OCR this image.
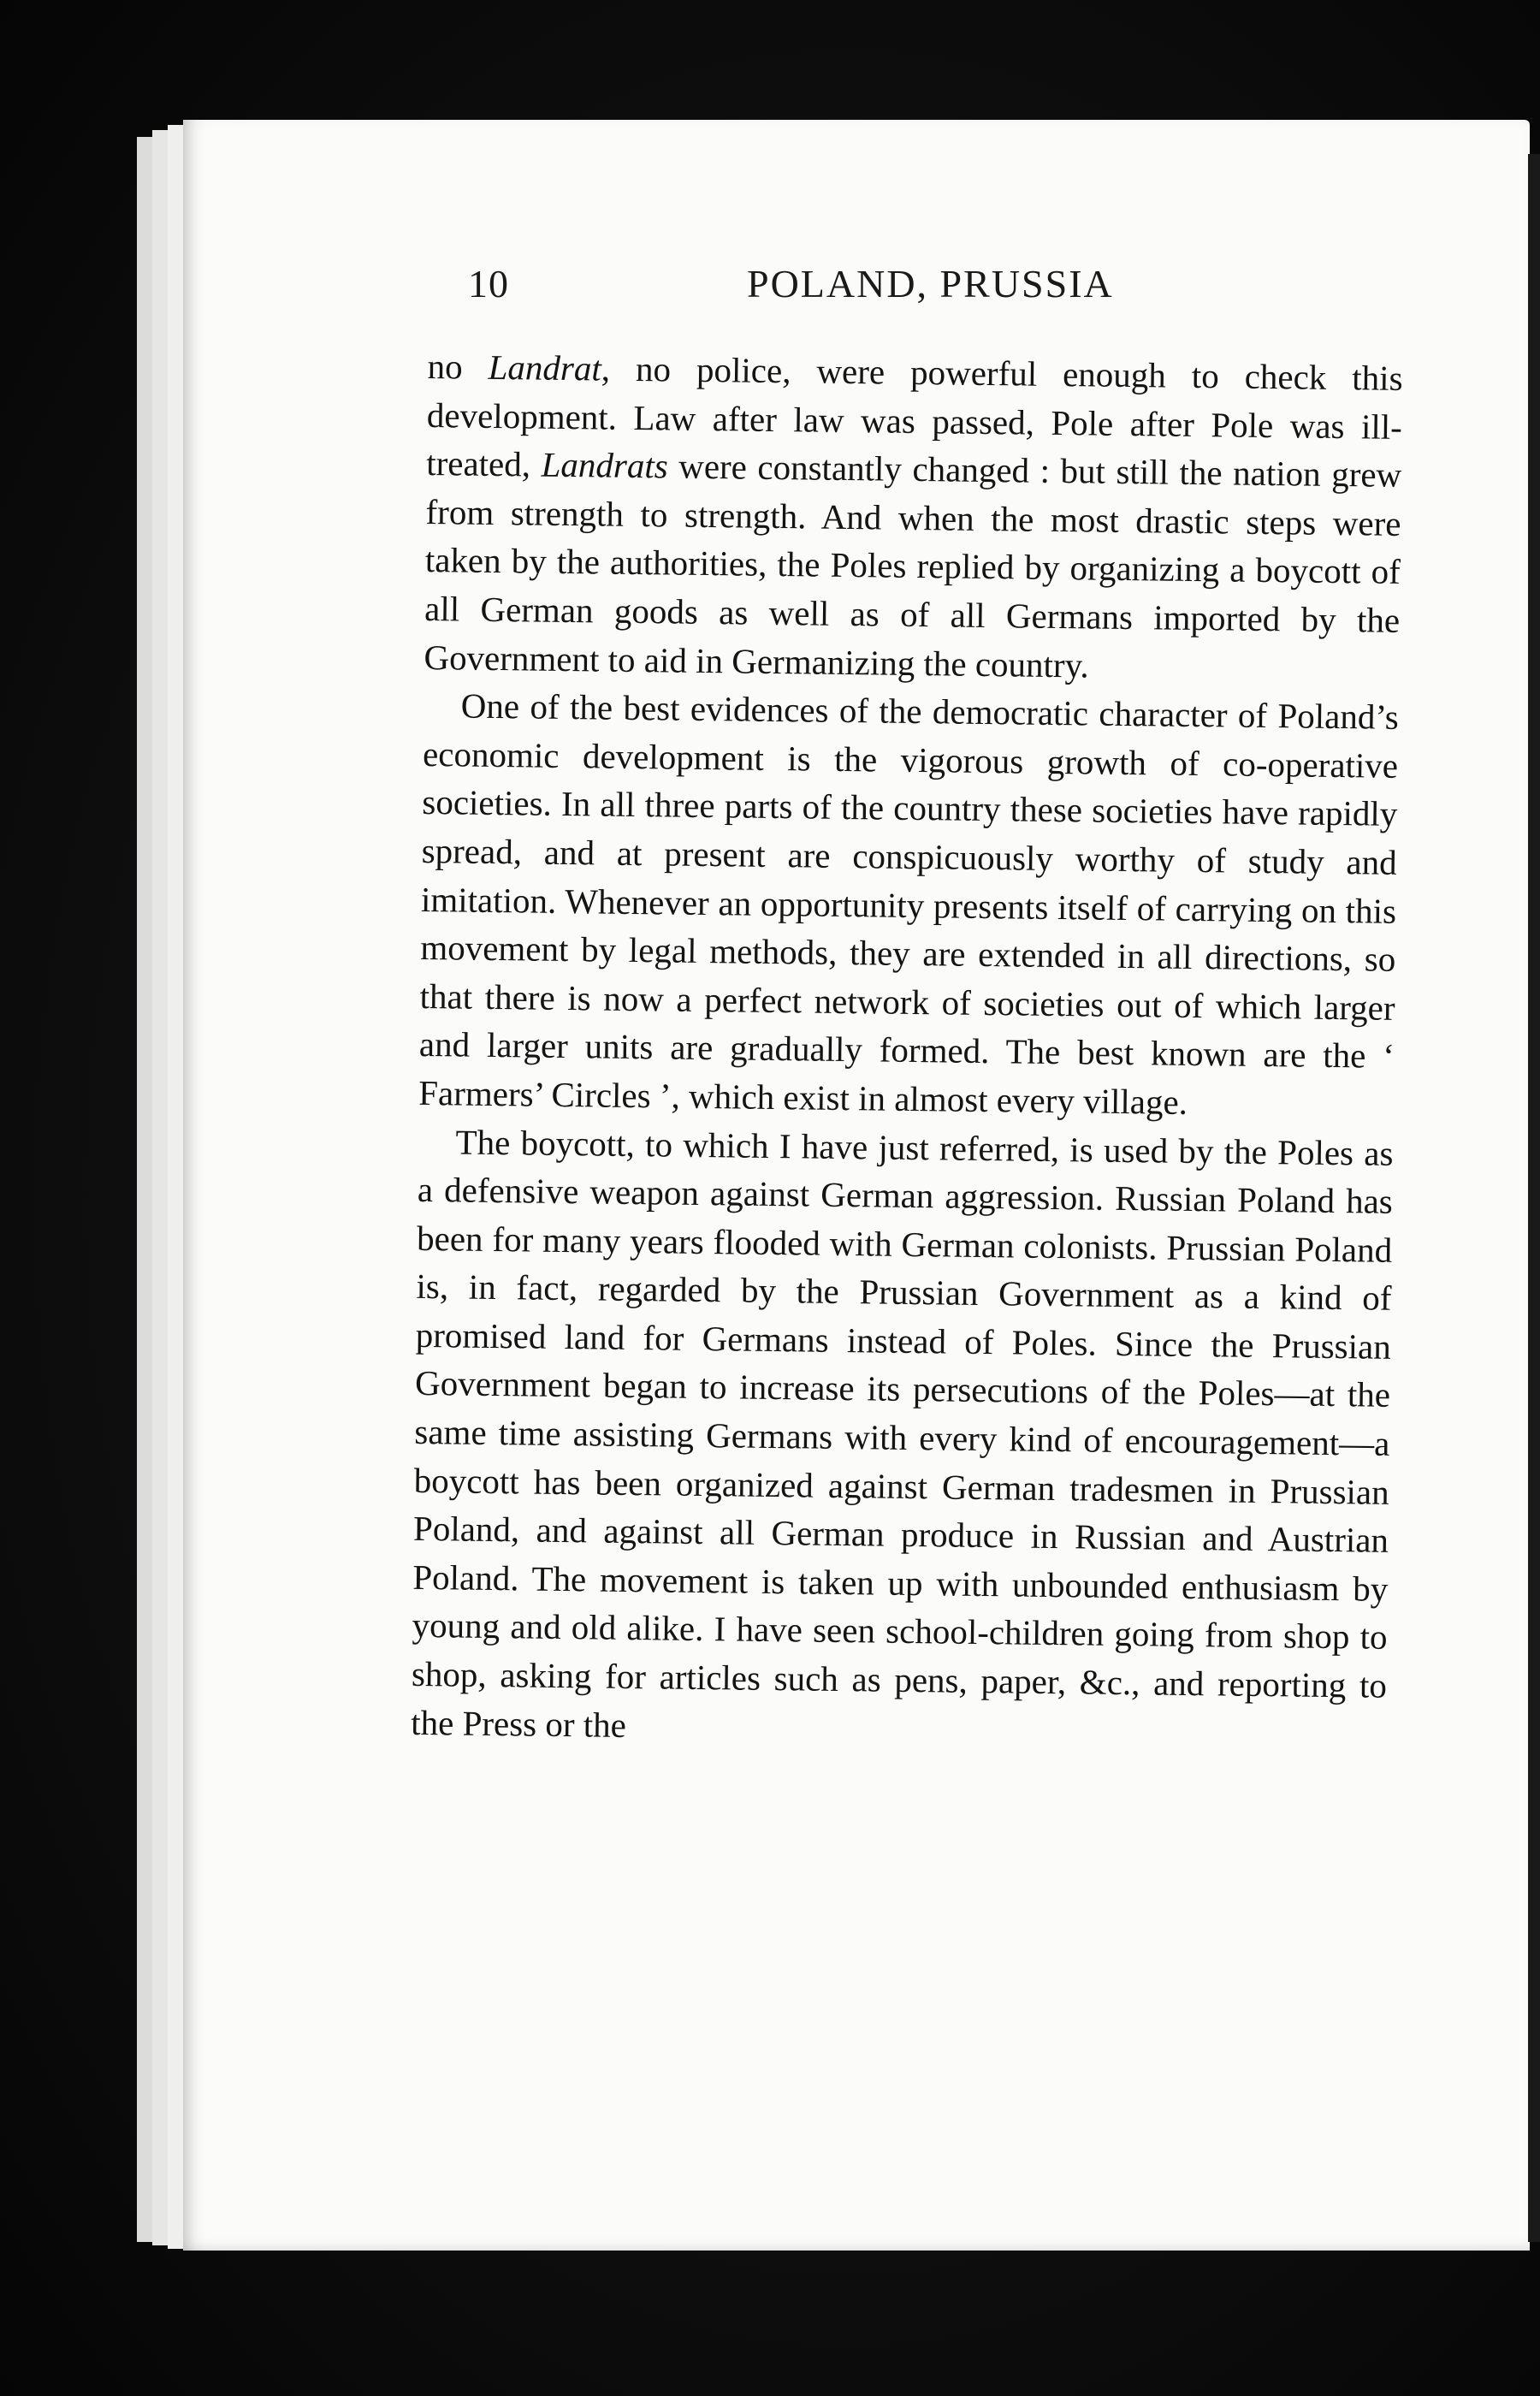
10	POLAND, PRUSSIA

no Landrat, no police, were powerful enough to check this development. Law after law was passed, Pole after Pole was ill-treated, Landrats were constantly changed : but still the nation grew from strength to strength. And when the most drastic steps were taken by the authorities, the Poles replied by organizing a boycott of all German goods as well as of all Germans imported by the Government to aid in Germanizing the country.

One of the best evidences of the democratic character of Poland’s economic development is the vigorous growth of co-operative societies. In all three parts of the country these societies have rapidly spread, and at present are conspicuously worthy of study and imitation. Whenever an opportunity presents itself of carrying on this movement by legal methods, they are extended in all directions, so that there is now a perfect network of societies out of which larger and larger units are gradually formed. The best known are the ‘ Farmers’ Circles ’, which exist in almost every village.

The boycott, to which I have just referred, is used by the Poles as a defensive weapon against German aggression. Russian Poland has been for many years flooded with German colonists. Prussian Poland is, in fact, regarded by the Prussian Government as a kind of promised land for Germans instead of Poles. Since the Prussian Government began to increase its persecutions of the Poles—at the same time assisting Germans with every kind of encouragement—a boycott has been organized against German tradesmen in Prussian Poland, and against all German produce in Russian and Austrian Poland. The movement is taken up with unbounded enthusiasm by young and old alike. I have seen school-children going from shop to shop, asking for articles such as pens, paper, &c., and reporting to the Press or the
